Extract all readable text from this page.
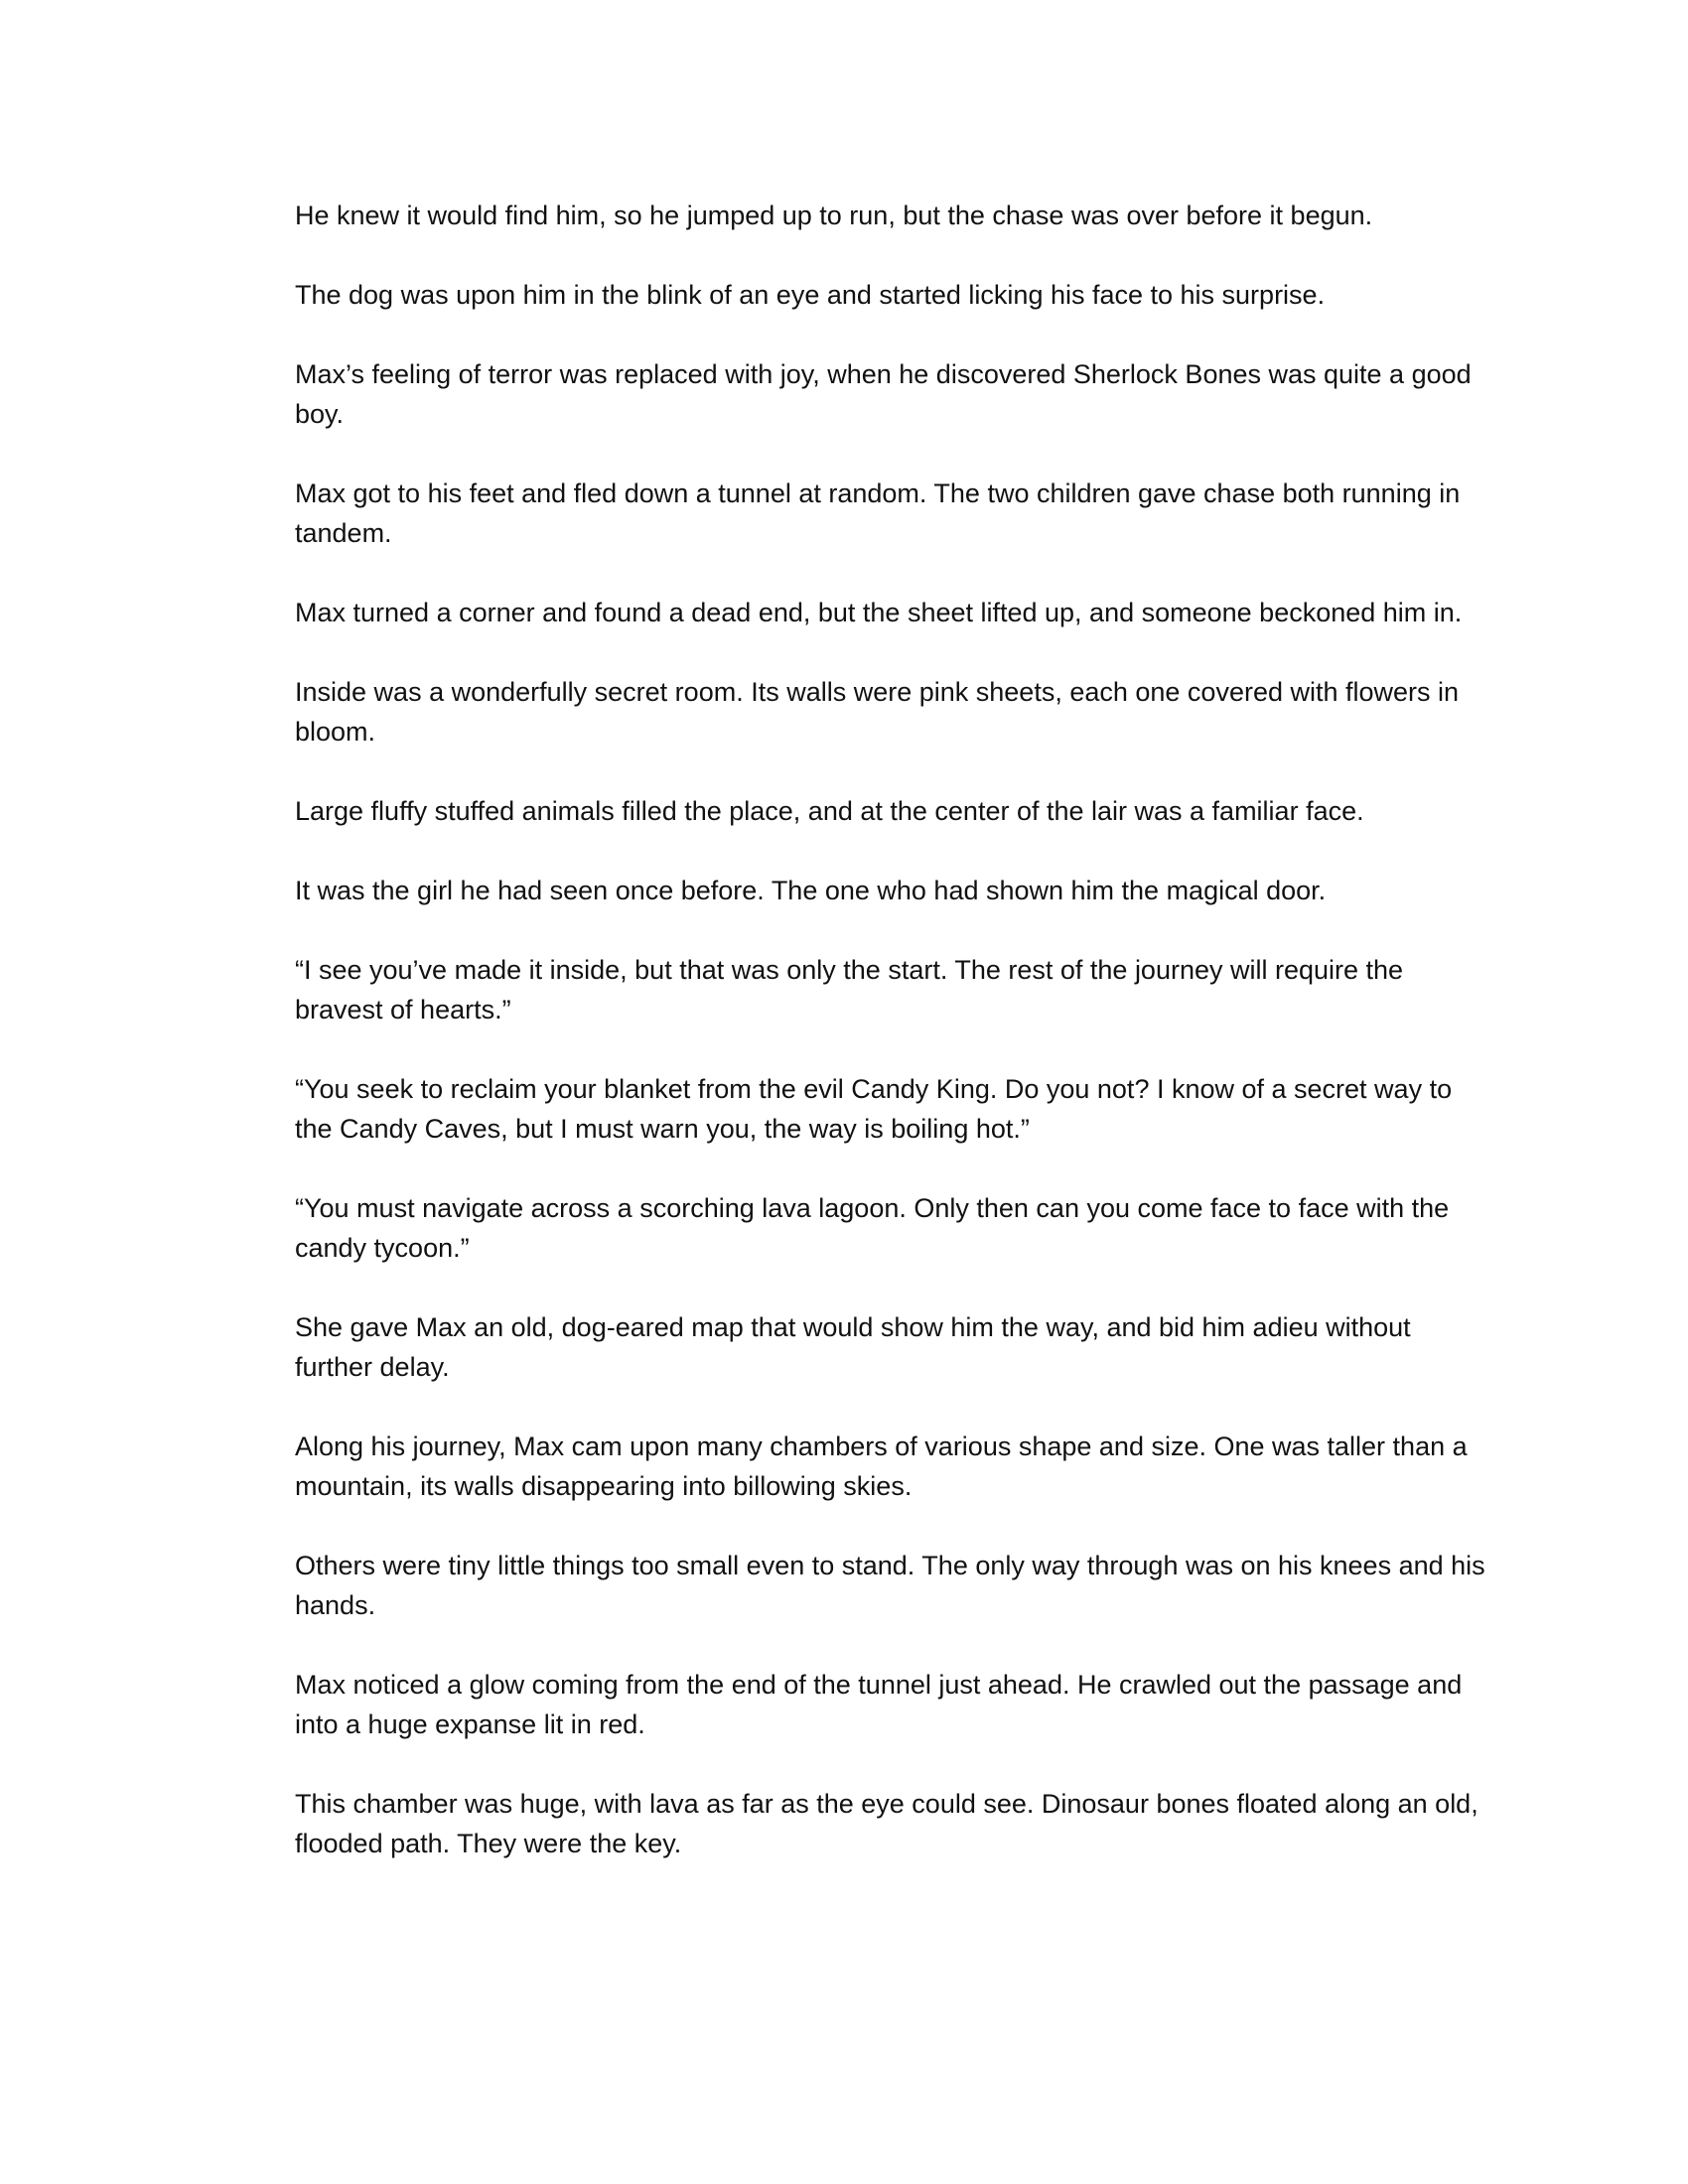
He knew it would find him, so he jumped up to run, but the chase was over before it begun.

The dog was upon him in the blink of an eye and started licking his face to his surprise.

Max’s feeling of terror was replaced with joy, when he discovered Sherlock Bones was quite a good boy.

Max got to his feet and fled down a tunnel at random. The two children gave chase both running in tandem.

Max turned a corner and found a dead end, but the sheet lifted up, and someone beckoned him in.

Inside was a wonderfully secret room. Its walls were pink sheets, each one covered with flowers in bloom.

Large fluffy stuffed animals filled the place, and at the center of the lair was a familiar face.

It was the girl he had seen once before. The one who had shown him the magical door.

“I see you’ve made it inside, but that was only the start. The rest of the journey will require the bravest of hearts.”

“You seek to reclaim your blanket from the evil Candy King. Do you not? I know of a secret way to the Candy Caves, but I must warn you, the way is boiling hot.”

“You must navigate across a scorching lava lagoon. Only then can you come face to face with the candy tycoon.”

She gave Max an old, dog-eared map that would show him the way, and bid him adieu without further delay.

Along his journey, Max cam upon many chambers of various shape and size. One was taller than a mountain, its walls disappearing into billowing skies.

Others were tiny little things too small even to stand. The only way through was on his knees and his hands.

Max noticed a glow coming from the end of the tunnel just ahead. He crawled out the passage and into a huge expanse lit in red.

This chamber was huge, with lava as far as the eye could see. Dinosaur bones floated along an old, flooded path. They were the key.
